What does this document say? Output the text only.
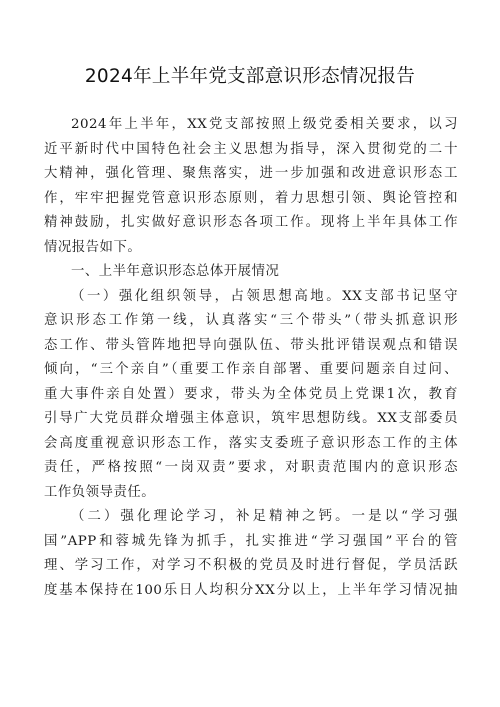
2024年上半年党支部意识形态情况报告
2024年上半年，XX党支部按照上级党委相关要求，以习
近平新时代中国特色社会主义思想为指导，深入贯彻党的二十
大精神，强化管理、聚焦落实，进一步加强和改进意识形态工
作，牢牢把握党管意识形态原则，着力思想引领、舆论管控和
精神鼓励，扎实做好意识形态各项工作。现将上半年具体工作
情况报告如下。
一、上半年意识形态总体开展情况
（一）强化组织领导，占领思想高地。XX支部书记坚守
意识形态工作第一线，认真落实“三个带头”（带头抓意识形
态工作、带头管阵地把导向强队伍、带头批评错误观点和错误
倾向，“三个亲自”（重要工作亲自部署、重要问题亲自过问、
重大事件亲自处置）要求，带头为全体党员上党课1次，教育
引导广大党员群众增强主体意识，筑牢思想防线。XX支部委员
会高度重视意识形态工作，落实支委班子意识形态工作的主体
责任，严格按照“一岗双责”要求，对职责范围内的意识形态
工作负领导责任。
（二）强化理论学习，补足精神之钙。一是以“学习强
国”APP和蓉城先锋为抓手，扎实推进“学习强国”平台的管
理、学习工作，对学习不积极的党员及时进行督促，学员活跃
度基本保持在100乐日人均积分XX分以上，上半年学习情况抽
